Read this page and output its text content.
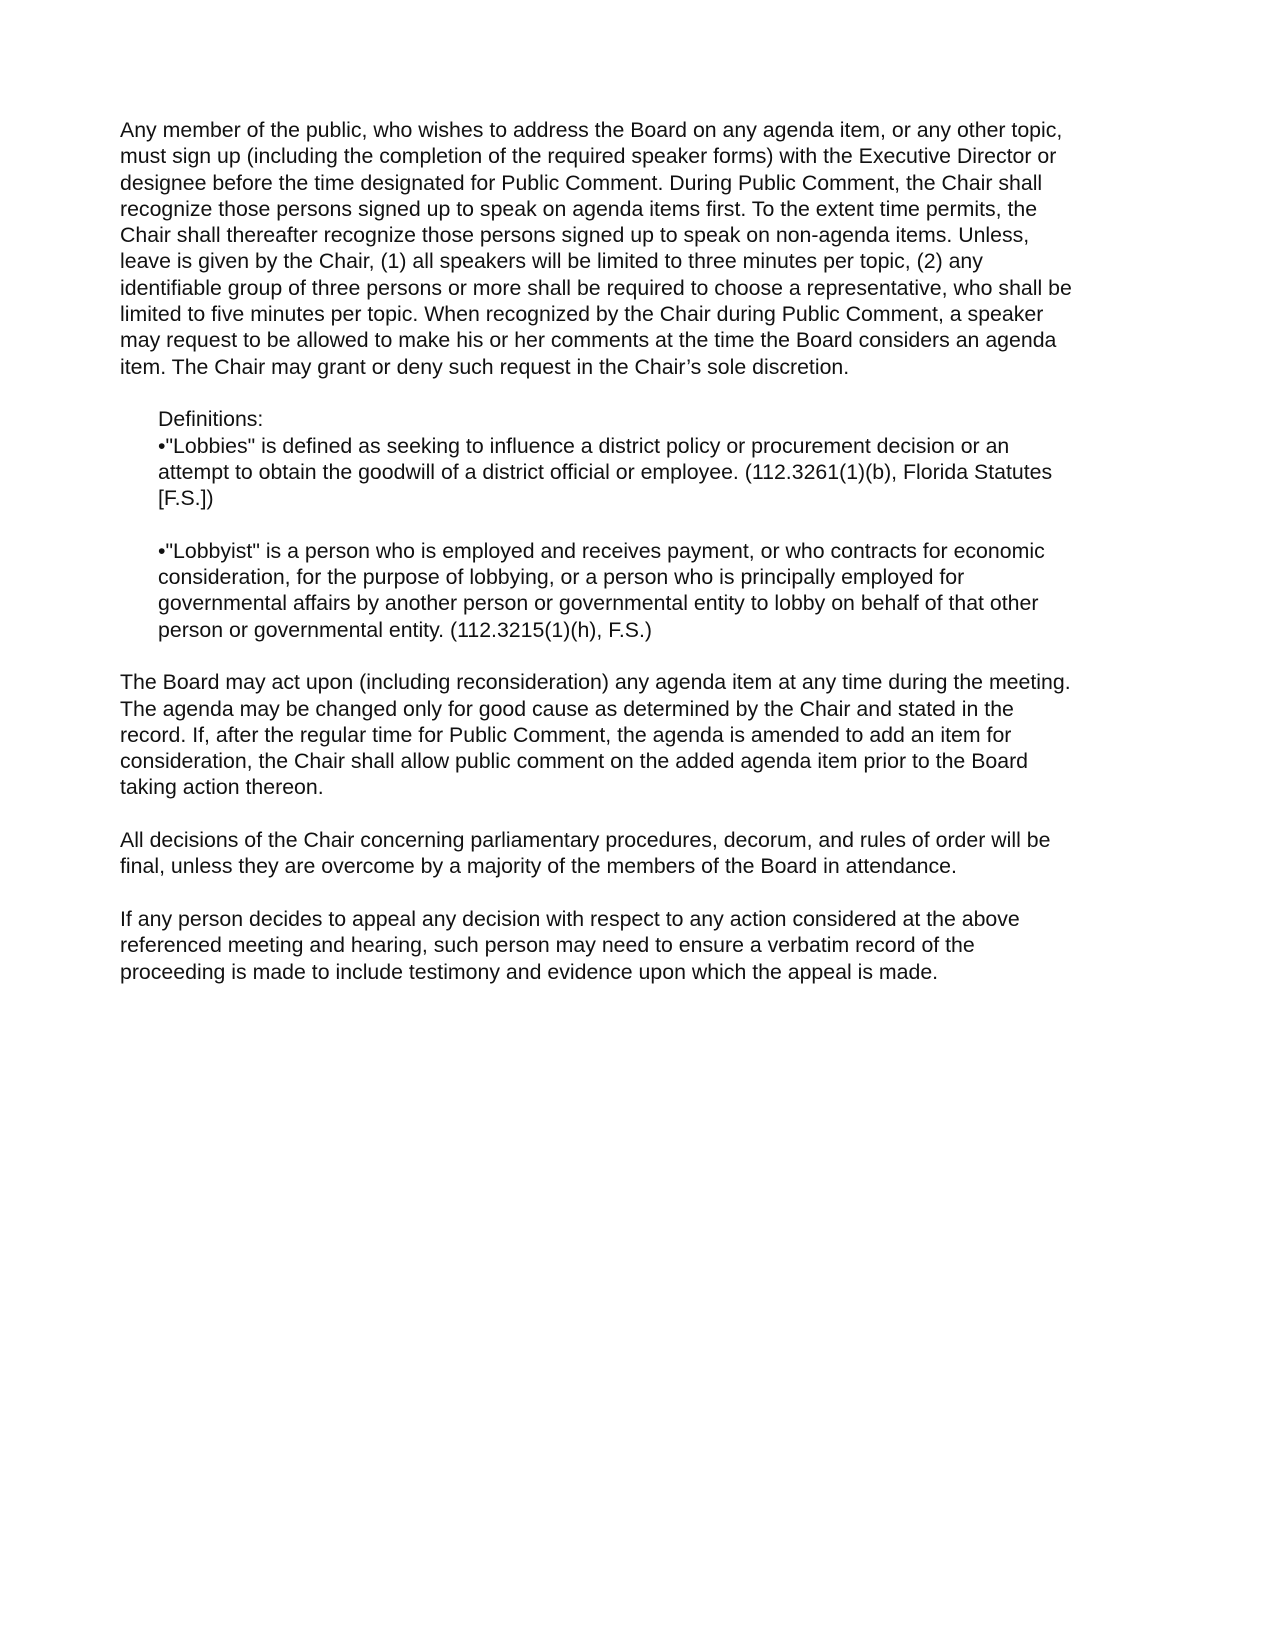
Any member of the public, who wishes to address the Board on any agenda item, or any other topic,
must sign up (including the completion of the required speaker forms) with the Executive Director or
designee before the time designated for Public Comment. During Public Comment, the Chair shall
recognize those persons signed up to speak on agenda items first. To the extent time permits, the
Chair shall thereafter recognize those persons signed up to speak on non-agenda items. Unless,
leave is given by the Chair, (1) all speakers will be limited to three minutes per topic, (2) any
identifiable group of three persons or more shall be required to choose a representative, who shall be
limited to five minutes per topic. When recognized by the Chair during Public Comment, a speaker
may request to be allowed to make his or her comments at the time the Board considers an agenda
item. The Chair may grant or deny such request in the Chair’s sole discretion.

Definitions:

•"Lobbies" is defined as seeking to influence a district policy or procurement decision or an
attempt to obtain the goodwill of a district official or employee. (112.3261(1)(b), Florida Statutes
[F.S.])

•"Lobbyist" is a person who is employed and receives payment, or who contracts for economic
consideration, for the purpose of lobbying, or a person who is principally employed for
governmental affairs by another person or governmental entity to lobby on behalf of that other
person or governmental entity. (112.3215(1)(h), F.S.)

The Board may act upon (including reconsideration) any agenda item at any time during the meeting.
The agenda may be changed only for good cause as determined by the Chair and stated in the
record. If, after the regular time for Public Comment, the agenda is amended to add an item for
consideration, the Chair shall allow public comment on the added agenda item prior to the Board
taking action thereon.

All decisions of the Chair concerning parliamentary procedures, decorum, and rules of order will be
final, unless they are overcome by a majority of the members of the Board in attendance.

If any person decides to appeal any decision with respect to any action considered at the above
referenced meeting and hearing, such person may need to ensure a verbatim record of the
proceeding is made to include testimony and evidence upon which the appeal is made.
